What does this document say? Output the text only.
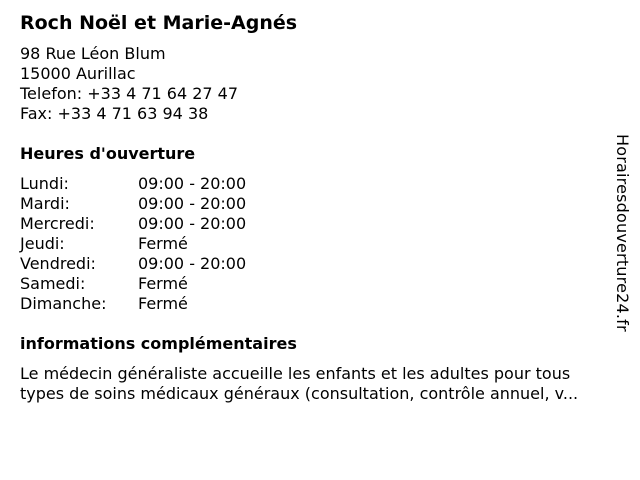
Roch Noël et Marie-Agnés
98 Rue Léon Blum
15000 Aurillac
Telefon: +33 4 71 64 27 47
Fax: +33 4 71 63 94 38
Heures d'ouverture
Lundi:	09:00 - 20:00
Mardi:	09:00 - 20:00
Mercredi:	09:00 - 20:00
Jeudi:	Fermé
Vendredi:	09:00 - 20:00
Samedi:	Fermé
Dimanche:	Fermé
informations complémentaires
Le médecin généraliste accueille les enfants et les adultes pour tous
types de soins médicaux généraux (consultation, contrôle annuel, v...
Horairesdouverture24.fr
